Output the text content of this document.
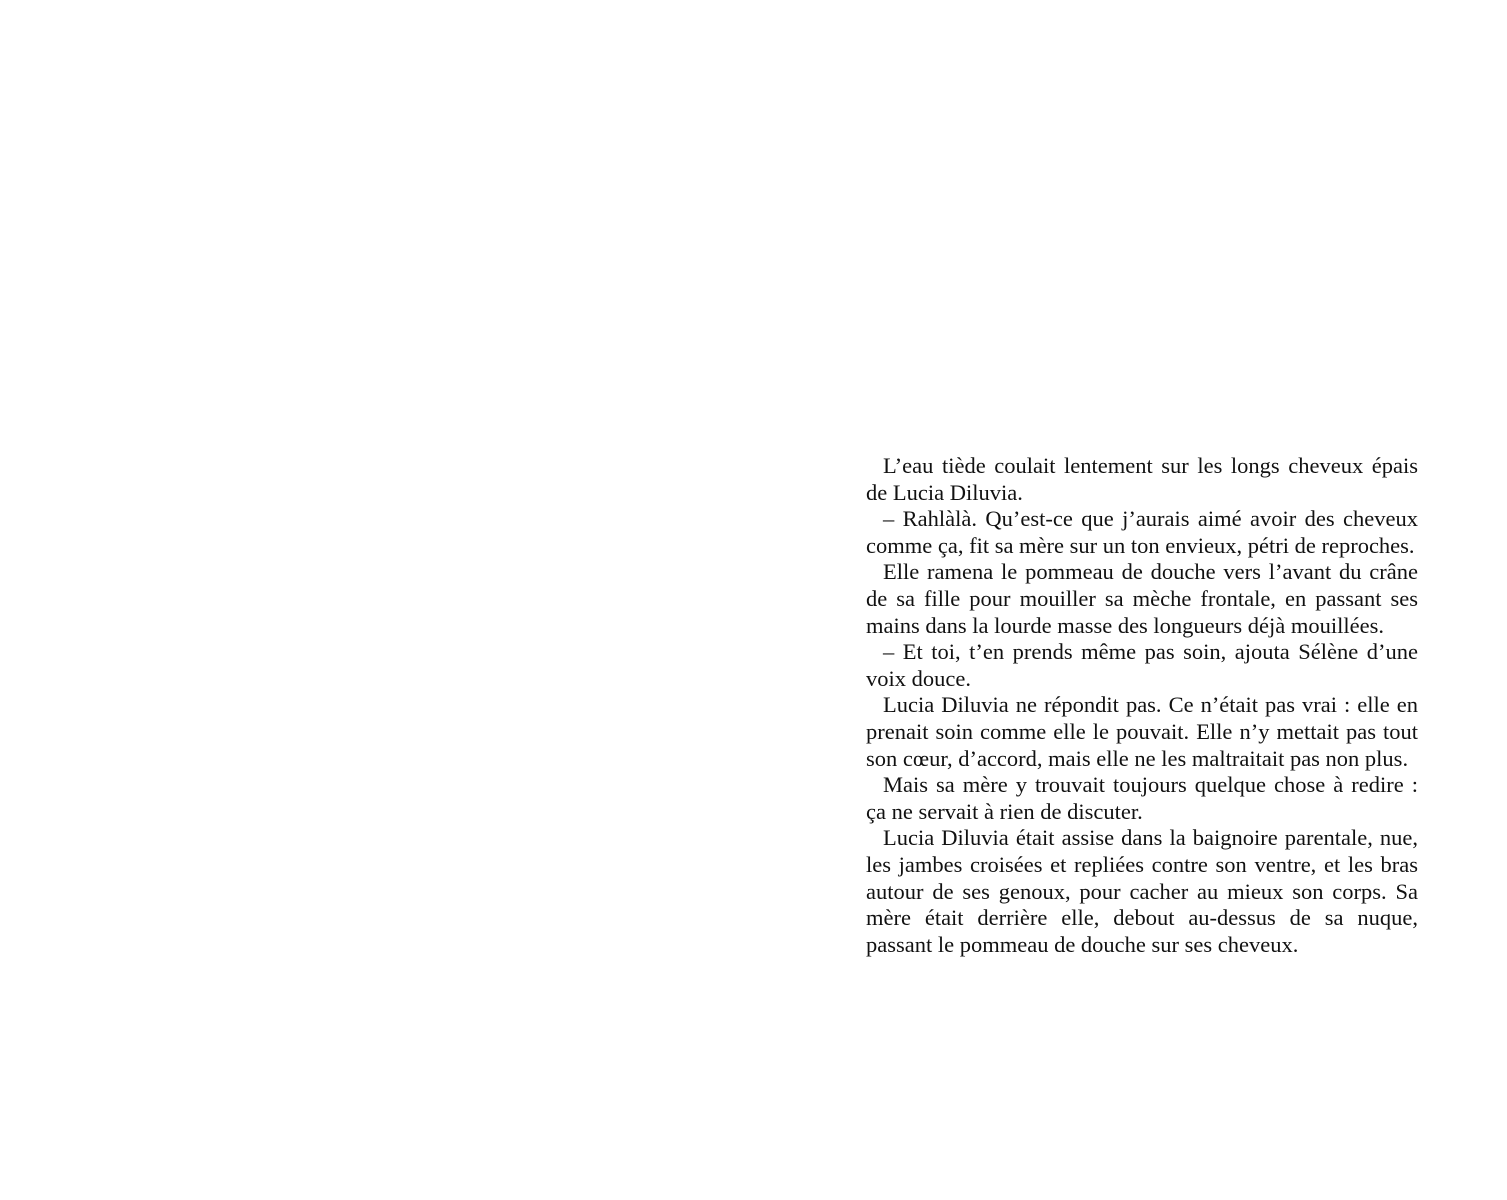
L’eau tiède coulait lentement sur les longs cheveux épais de Lucia Diluvia.

– Rahlàlà. Qu’est-ce que j’aurais aimé avoir des cheveux comme ça, fit sa mère sur un ton envieux, pétri de reproches.

Elle ramena le pommeau de douche vers l’avant du crâne de sa fille pour mouiller sa mèche frontale, en passant ses mains dans la lourde masse des longueurs déjà mouillées.

– Et toi, t’en prends même pas soin, ajouta Sélène d’une voix douce.

Lucia Diluvia ne répondit pas. Ce n’était pas vrai : elle en prenait soin comme elle le pouvait. Elle n’y mettait pas tout son cœur, d’accord, mais elle ne les maltraitait pas non plus.

Mais sa mère y trouvait toujours quelque chose à redire : ça ne servait à rien de discuter.

Lucia Diluvia était assise dans la baignoire parentale, nue, les jambes croisées et repliées contre son ventre, et les bras autour de ses genoux, pour cacher au mieux son corps. Sa mère était derrière elle, debout au-dessus de sa nuque, passant le pommeau de douche sur ses cheveux.
